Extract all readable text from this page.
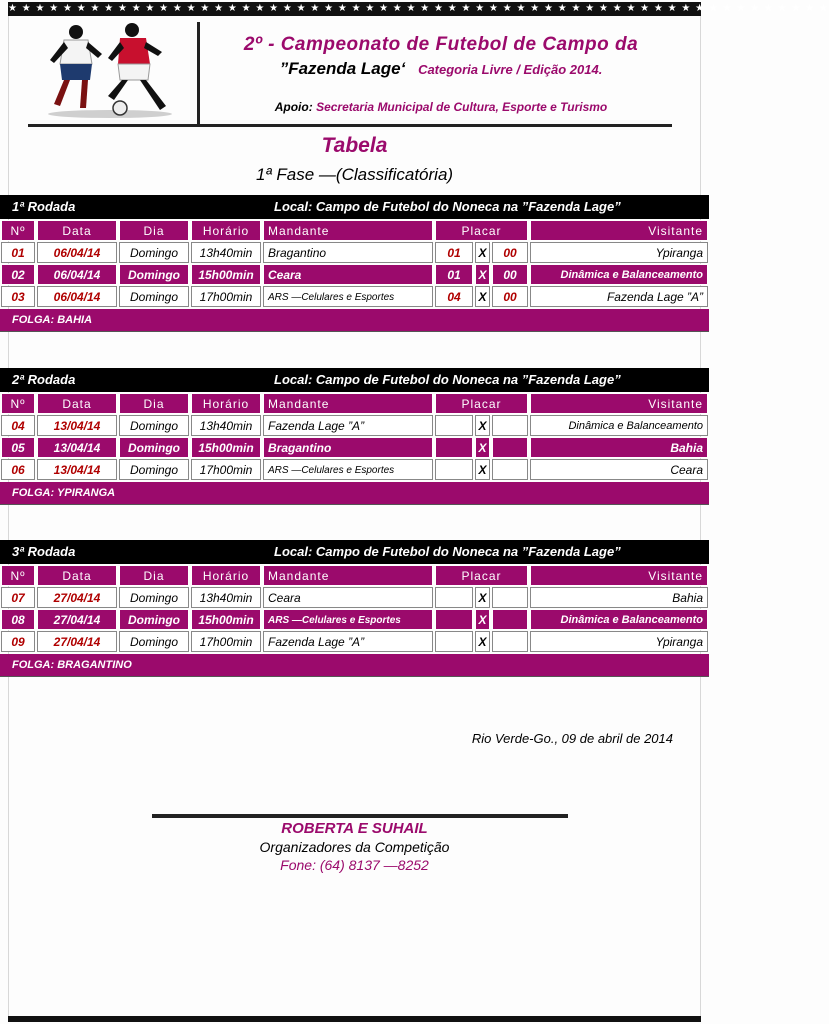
★ ★ ★ ★ ★ ★ ★ ★ ★ ★ ★ ★ ★ ★ ★ ★ ★ ★ ★ ★ ★ ★ ★ ★ ★ ★ ★ ★ ★ ★ ★ ★ ★ ★ ★ ★ ★ ★ ★ ★ ★ ★ ★ ★ ★ ★ ★ ★ ★ ★ ★ ★ ★ ★ ★ ★ ★ ★ ★ ★
2º - Campeonato de Futebol de Campo da
”Fazenda Lage‘ Categoria Livre / Edição 2014.
Apoio: Secretaria Municipal de Cultura, Esporte e Turismo
Tabela
1ª Fase —(Classificatória)
1ª Rodada	Local: Campo de Futebol do Noneca na ”Fazenda Lage”
Nº	Data	Dia	Horário	Mandante	Placar	Visitante
01	06/04/14	Domingo	13h40min	Bragantino	01	X	00	Ypiranga
02	06/04/14	Domingo	15h00min	Ceara	01	X	00	Dinâmica e Balanceamento
03	06/04/14	Domingo	17h00min	ARS —Celulares e Esportes	04	X	00	Fazenda Lage ”A”
FOLGA: BAHIA
2ª Rodada	Local: Campo de Futebol do Noneca na ”Fazenda Lage”
Nº	Data	Dia	Horário	Mandante	Placar	Visitante
04	13/04/14	Domingo	13h40min	Fazenda Lage ”A”	X	Dinâmica e Balanceamento
05	13/04/14	Domingo	15h00min	Bragantino	X	Bahia
06	13/04/14	Domingo	17h00min	ARS —Celulares e Esportes	X	Ceara
FOLGA: YPIRANGA
3ª Rodada	Local: Campo de Futebol do Noneca na ”Fazenda Lage”
Nº	Data	Dia	Horário	Mandante	Placar	Visitante
07	27/04/14	Domingo	13h40min	Ceara	X	Bahia
08	27/04/14	Domingo	15h00min	ARS —Celulares e Esportes	X	Dinâmica e Balanceamento
09	27/04/14	Domingo	17h00min	Fazenda Lage ”A”	X	Ypiranga
FOLGA: BRAGANTINO
Rio Verde-Go., 09 de abril de 2014
ROBERTA E SUHAIL
Organizadores da Competição
Fone: (64) 8137 —8252
